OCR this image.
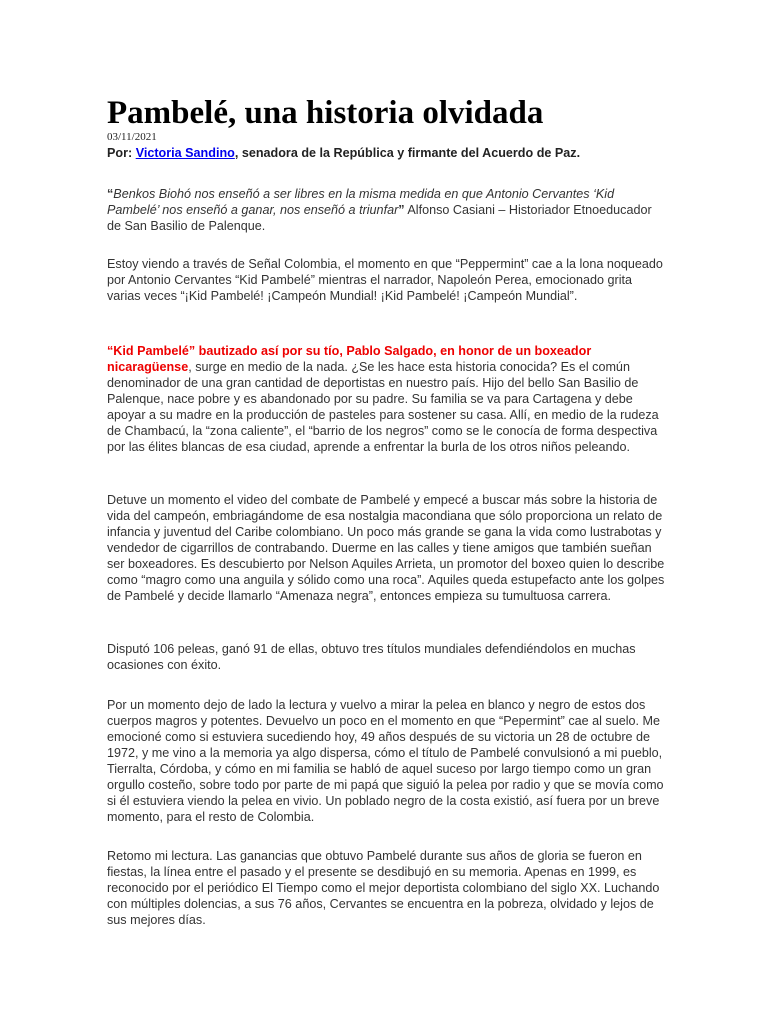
Pambelé, una historia olvidada
03/11/2021
Por: Victoria Sandino, senadora de la República y firmante del Acuerdo de Paz.

“Benkos Biohó nos enseñó a ser libres en la misma medida en que Antonio Cervantes ‘Kid Pambelé’ nos enseñó a ganar, nos enseñó a triunfar” Alfonso Casiani – Historiador Etnoeducador de San Basilio de Palenque.

Estoy viendo a través de Señal Colombia, el momento en que “Peppermint” cae a la lona noqueado por Antonio Cervantes “Kid Pambelé” mientras el narrador, Napoleón Perea, emocionado grita varias veces “¡Kid Pambelé! ¡Campeón Mundial! ¡Kid Pambelé! ¡Campeón Mundial”.

“Kid Pambelé” bautizado así por su tío, Pablo Salgado, en honor de un boxeador nicaragüense, surge en medio de la nada. ¿Se les hace esta historia conocida? Es el común denominador de una gran cantidad de deportistas en nuestro país. Hijo del bello San Basilio de Palenque, nace pobre y es abandonado por su padre. Su familia se va para Cartagena y debe apoyar a su madre en la producción de pasteles para sostener su casa. Allí, en medio de la rudeza de Chambacú, la “zona caliente”, el “barrio de los negros” como se le conocía de forma despectiva por las élites blancas de esa ciudad, aprende a enfrentar la burla de los otros niños peleando.

Detuve un momento el video del combate de Pambelé y empecé a buscar más sobre la historia de vida del campeón, embriagándome de esa nostalgia macondiana que sólo proporciona un relato de infancia y juventud del Caribe colombiano. Un poco más grande se gana la vida como lustrabotas y vendedor de cigarrillos de contrabando. Duerme en las calles y tiene amigos que también sueñan ser boxeadores. Es descubierto por Nelson Aquiles Arrieta, un promotor del boxeo quien lo describe como “magro como una anguila y sólido como una roca”. Aquiles queda estupefacto ante los golpes de Pambelé y decide llamarlo “Amenaza negra”, entonces empieza su tumultuosa carrera.

Disputó 106 peleas, ganó 91 de ellas, obtuvo tres títulos mundiales defendiéndolos en muchas ocasiones con éxito.

Por un momento dejo de lado la lectura y vuelvo a mirar la pelea en blanco y negro de estos dos cuerpos magros y potentes. Devuelvo un poco en el momento en que “Pepermint” cae al suelo. Me emocioné como si estuviera sucediendo hoy, 49 años después de su victoria un 28 de octubre de 1972, y me vino a la memoria ya algo dispersa, cómo el título de Pambelé convulsionó a mi pueblo, Tierralta, Córdoba, y cómo en mi familia se habló de aquel suceso por largo tiempo como un gran orgullo costeño, sobre todo por parte de mi papá que siguió la pelea por radio y que se movía como si él estuviera viendo la pelea en vivio. Un poblado negro de la costa existió, así fuera por un breve momento, para el resto de Colombia.

Retomo mi lectura. Las ganancias que obtuvo Pambelé durante sus años de gloria se fueron en fiestas, la línea entre el pasado y el presente se desdibujó en su memoria. Apenas en 1999, es reconocido por el periódico El Tiempo como el mejor deportista colombiano del siglo XX. Luchando con múltiples dolencias, a sus 76 años, Cervantes se encuentra en la pobreza, olvidado y lejos de sus mejores días.
